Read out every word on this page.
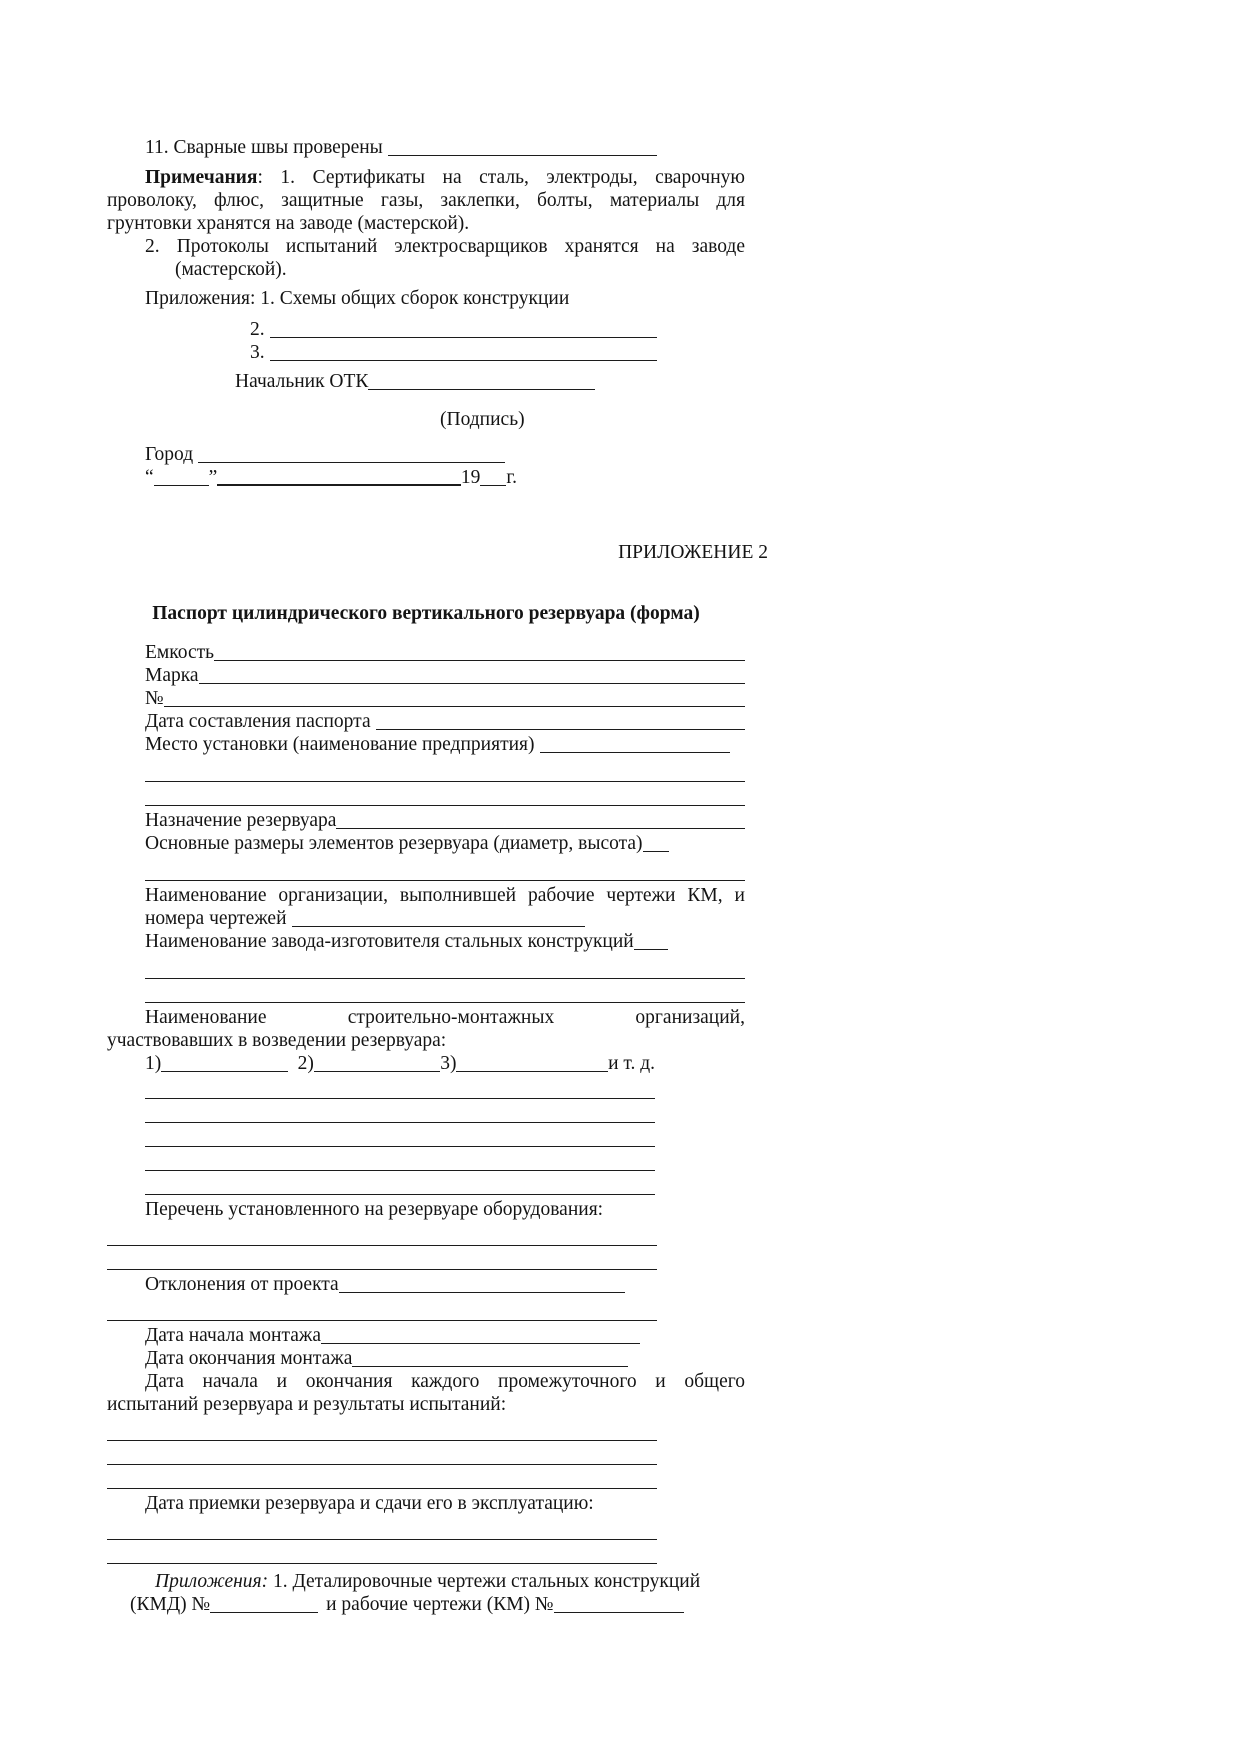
11. Сварные швы проверены
Примечания: 1. Сертификаты на сталь, электроды, сварочную
проволоку, флюс, защитные газы, заклепки, болты, материалы для
грунтовки хранятся на заводе (мастерской).
2. Протоколы испытаний электросварщиков хранятся на заводе
(мастерской).
Приложения: 1. Схемы общих сборок конструкции
2.
3.
Начальник ОТК
(Подпись)
Город
“	”	19 г.
ПРИЛОЖЕНИЕ 2
Паспорт цилиндрического вертикального резервуара (форма)
Емкость
Марка
№
Дата составления паспорта
Место установки (наименование предприятия)
Назначение резервуара
Основные размеры элементов резервуара (диаметр, высота)
Наименование организации, выполнившей рабочие чертежи КМ, и
номера чертежей
Наименование завода-изготовителя стальных конструкций
Наименование строительно-монтажных организаций,
участвовавших в возведении резервуара:
1)	2)	3)	и т. д.
Перечень установленного на резервуаре оборудования:
Отклонения от проекта
Дата начала монтажа
Дата окончания монтажа
Дата начала и окончания каждого промежуточного и общего
испытаний резервуара и результаты испытаний:
Дата приемки резервуара и сдачи его в эксплуатацию:
Приложения: 1. Деталировочные чертежи стальных конструкций
(КМД) №	и рабочие чертежи (КМ) №
